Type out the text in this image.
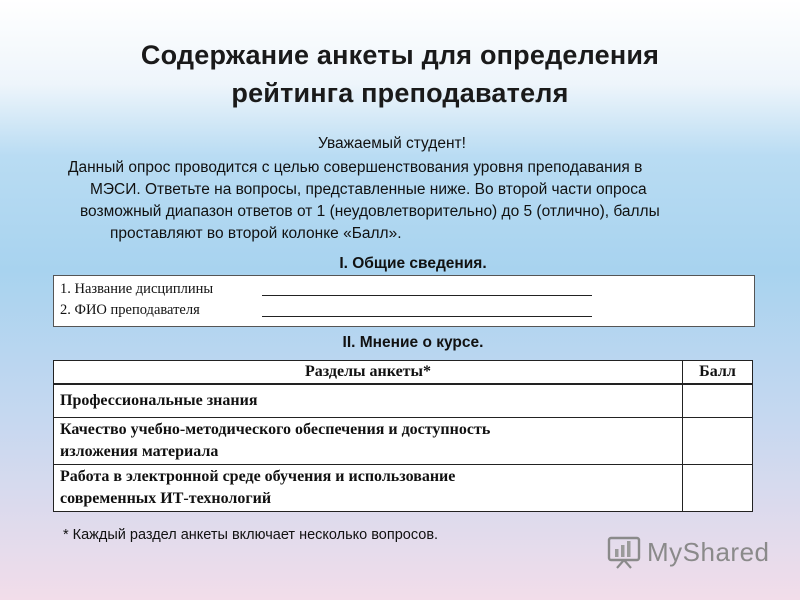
Содержание анкеты для определения
рейтинга преподавателя
Уважаемый студент!
Данный опрос проводится с целью совершенствования уровня преподавания в
МЭСИ. Ответьте на вопросы, представленные ниже. Во второй части опроса
возможный диапазон ответов от 1 (неудовлетворительно) до 5 (отлично), баллы
проставляют во второй колонке «Балл».
I. Общие сведения.
1. Название дисциплины
2. ФИО преподавателя
II. Мнение о курсе.
Разделы анкеты*	Балл
Профессиональные знания	

Качество учебно-методического обеспечения и доступность
изложения материала	

Работа в электронной среде обучения и использование
современных ИТ-технологий	

* Каждый раздел анкеты включает несколько вопросов.
MyShared
